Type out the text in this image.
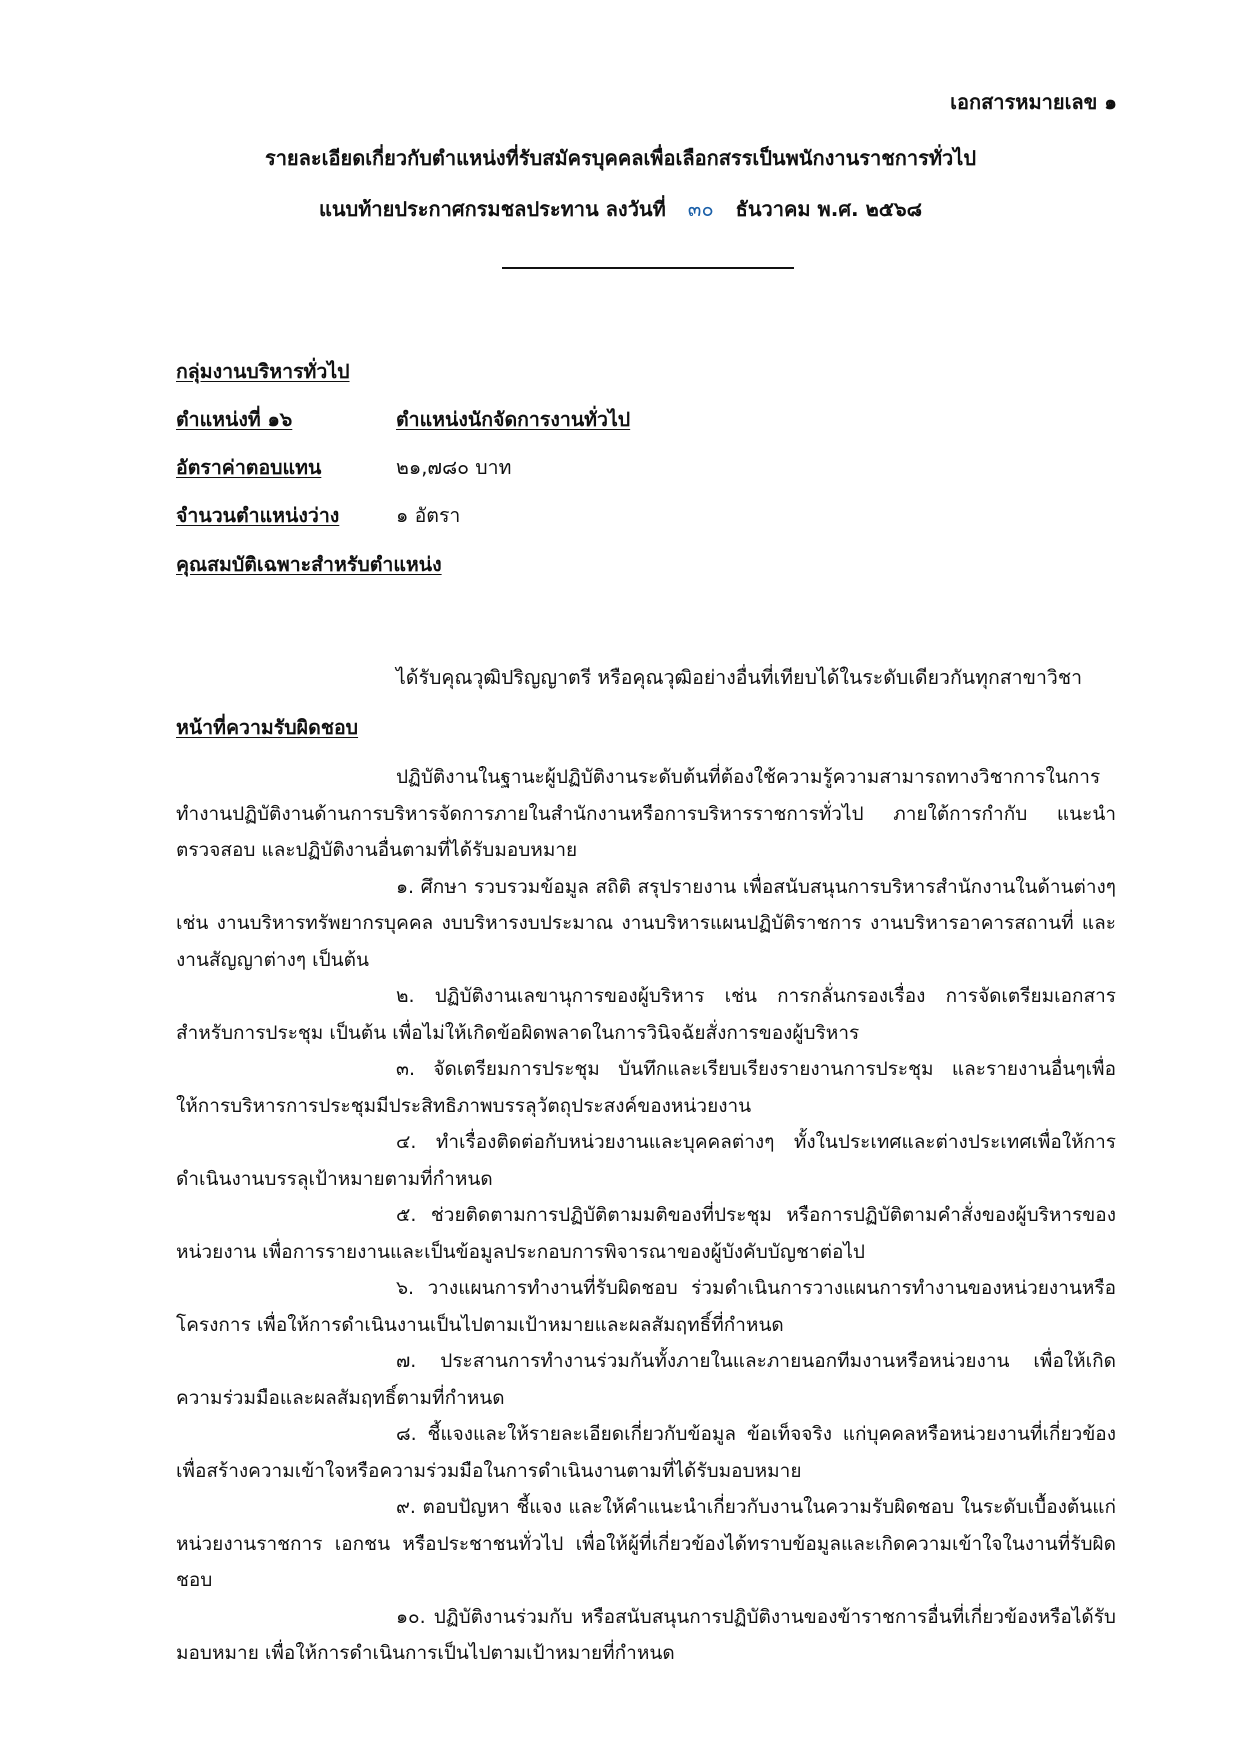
เอกสารหมายเลข ๑
รายละเอียดเกี่ยวกับตำแหน่งที่รับสมัครบุคคลเพื่อเลือกสรรเป็นพนักงานราชการทั่วไป
แนบท้ายประกาศกรมชลประทาน ลงวันที่ ๓๐ ธันวาคม พ.ศ. ๒๕๖๘
กลุ่มงานบริหารทั่วไป
ตำแหน่งที่ ๑๖	ตำแหน่งนักจัดการงานทั่วไป
อัตราค่าตอบแทน	๒๑,๗๘๐ บาท
จำนวนตำแหน่งว่าง	๑ อัตรา
คุณสมบัติเฉพาะสำหรับตำแหน่ง
ได้รับคุณวุฒิปริญญาตรี หรือคุณวุฒิอย่างอื่นที่เทียบได้ในระดับเดียวกันทุกสาขาวิชา
หน้าที่ความรับผิดชอบ

ปฏิบัติงานในฐานะผู้ปฏิบัติงานระดับต้นที่ต้องใช้ความรู้ความสามารถทางวิชาการในการทำงานปฏิบัติงานด้านการบริหารจัดการภายในสำนักงานหรือการบริหารราชการทั่วไป ภายใต้การกำกับ แนะนำ ตรวจสอบ และปฏิบัติงานอื่นตามที่ได้รับมอบหมาย

๑. ศึกษา รวบรวมข้อมูล สถิติ สรุปรายงาน เพื่อสนับสนุนการบริหารสำนักงานในด้านต่างๆ เช่น งานบริหารทรัพยากรบุคคล งบบริหารงบประมาณ งานบริหารแผนปฏิบัติราชการ งานบริหารอาคารสถานที่ และงานสัญญาต่างๆ เป็นต้น

๒. ปฏิบัติงานเลขานุการของผู้บริหาร เช่น การกลั่นกรองเรื่อง การจัดเตรียมเอกสารสำหรับการประชุม เป็นต้น เพื่อไม่ให้เกิดข้อผิดพลาดในการวินิจฉัยสั่งการของผู้บริหาร

๓. จัดเตรียมการประชุม บันทึกและเรียบเรียงรายงานการประชุม และรายงานอื่นๆเพื่อให้การบริหารการประชุมมีประสิทธิภาพบรรลุวัตถุประสงค์ของหน่วยงาน

๔. ทำเรื่องติดต่อกับหน่วยงานและบุคคลต่างๆ ทั้งในประเทศและต่างประเทศเพื่อให้การดำเนินงานบรรลุเป้าหมายตามที่กำหนด

๕. ช่วยติดตามการปฏิบัติตามมติของที่ประชุม หรือการปฏิบัติตามคำสั่งของผู้บริหารของหน่วยงาน เพื่อการรายงานและเป็นข้อมูลประกอบการพิจารณาของผู้บังคับบัญชาต่อไป

๖. วางแผนการทำงานที่รับผิดชอบ ร่วมดำเนินการวางแผนการทำงานของหน่วยงานหรือโครงการ เพื่อให้การดำเนินงานเป็นไปตามเป้าหมายและผลสัมฤทธิ์ที่กำหนด

๗. ประสานการทำงานร่วมกันทั้งภายในและภายนอกทีมงานหรือหน่วยงาน เพื่อให้เกิดความร่วมมือและผลสัมฤทธิ์ตามที่กำหนด

๘. ชี้แจงและให้รายละเอียดเกี่ยวกับข้อมูล ข้อเท็จจริง แก่บุคคลหรือหน่วยงานที่เกี่ยวข้อง เพื่อสร้างความเข้าใจหรือความร่วมมือในการดำเนินงานตามที่ได้รับมอบหมาย

๙. ตอบปัญหา ชี้แจง และให้คำแนะนำเกี่ยวกับงานในความรับผิดชอบ ในระดับเบื้องต้นแก่หน่วยงานราชการ เอกชน หรือประชาชนทั่วไป เพื่อให้ผู้ที่เกี่ยวข้องได้ทราบข้อมูลและเกิดความเข้าใจในงานที่รับผิดชอบ

๑๐. ปฏิบัติงานร่วมกับ หรือสนับสนุนการปฏิบัติงานของข้าราชการอื่นที่เกี่ยวข้องหรือได้รับมอบหมาย เพื่อให้การดำเนินการเป็นไปตามเป้าหมายที่กำหนด
